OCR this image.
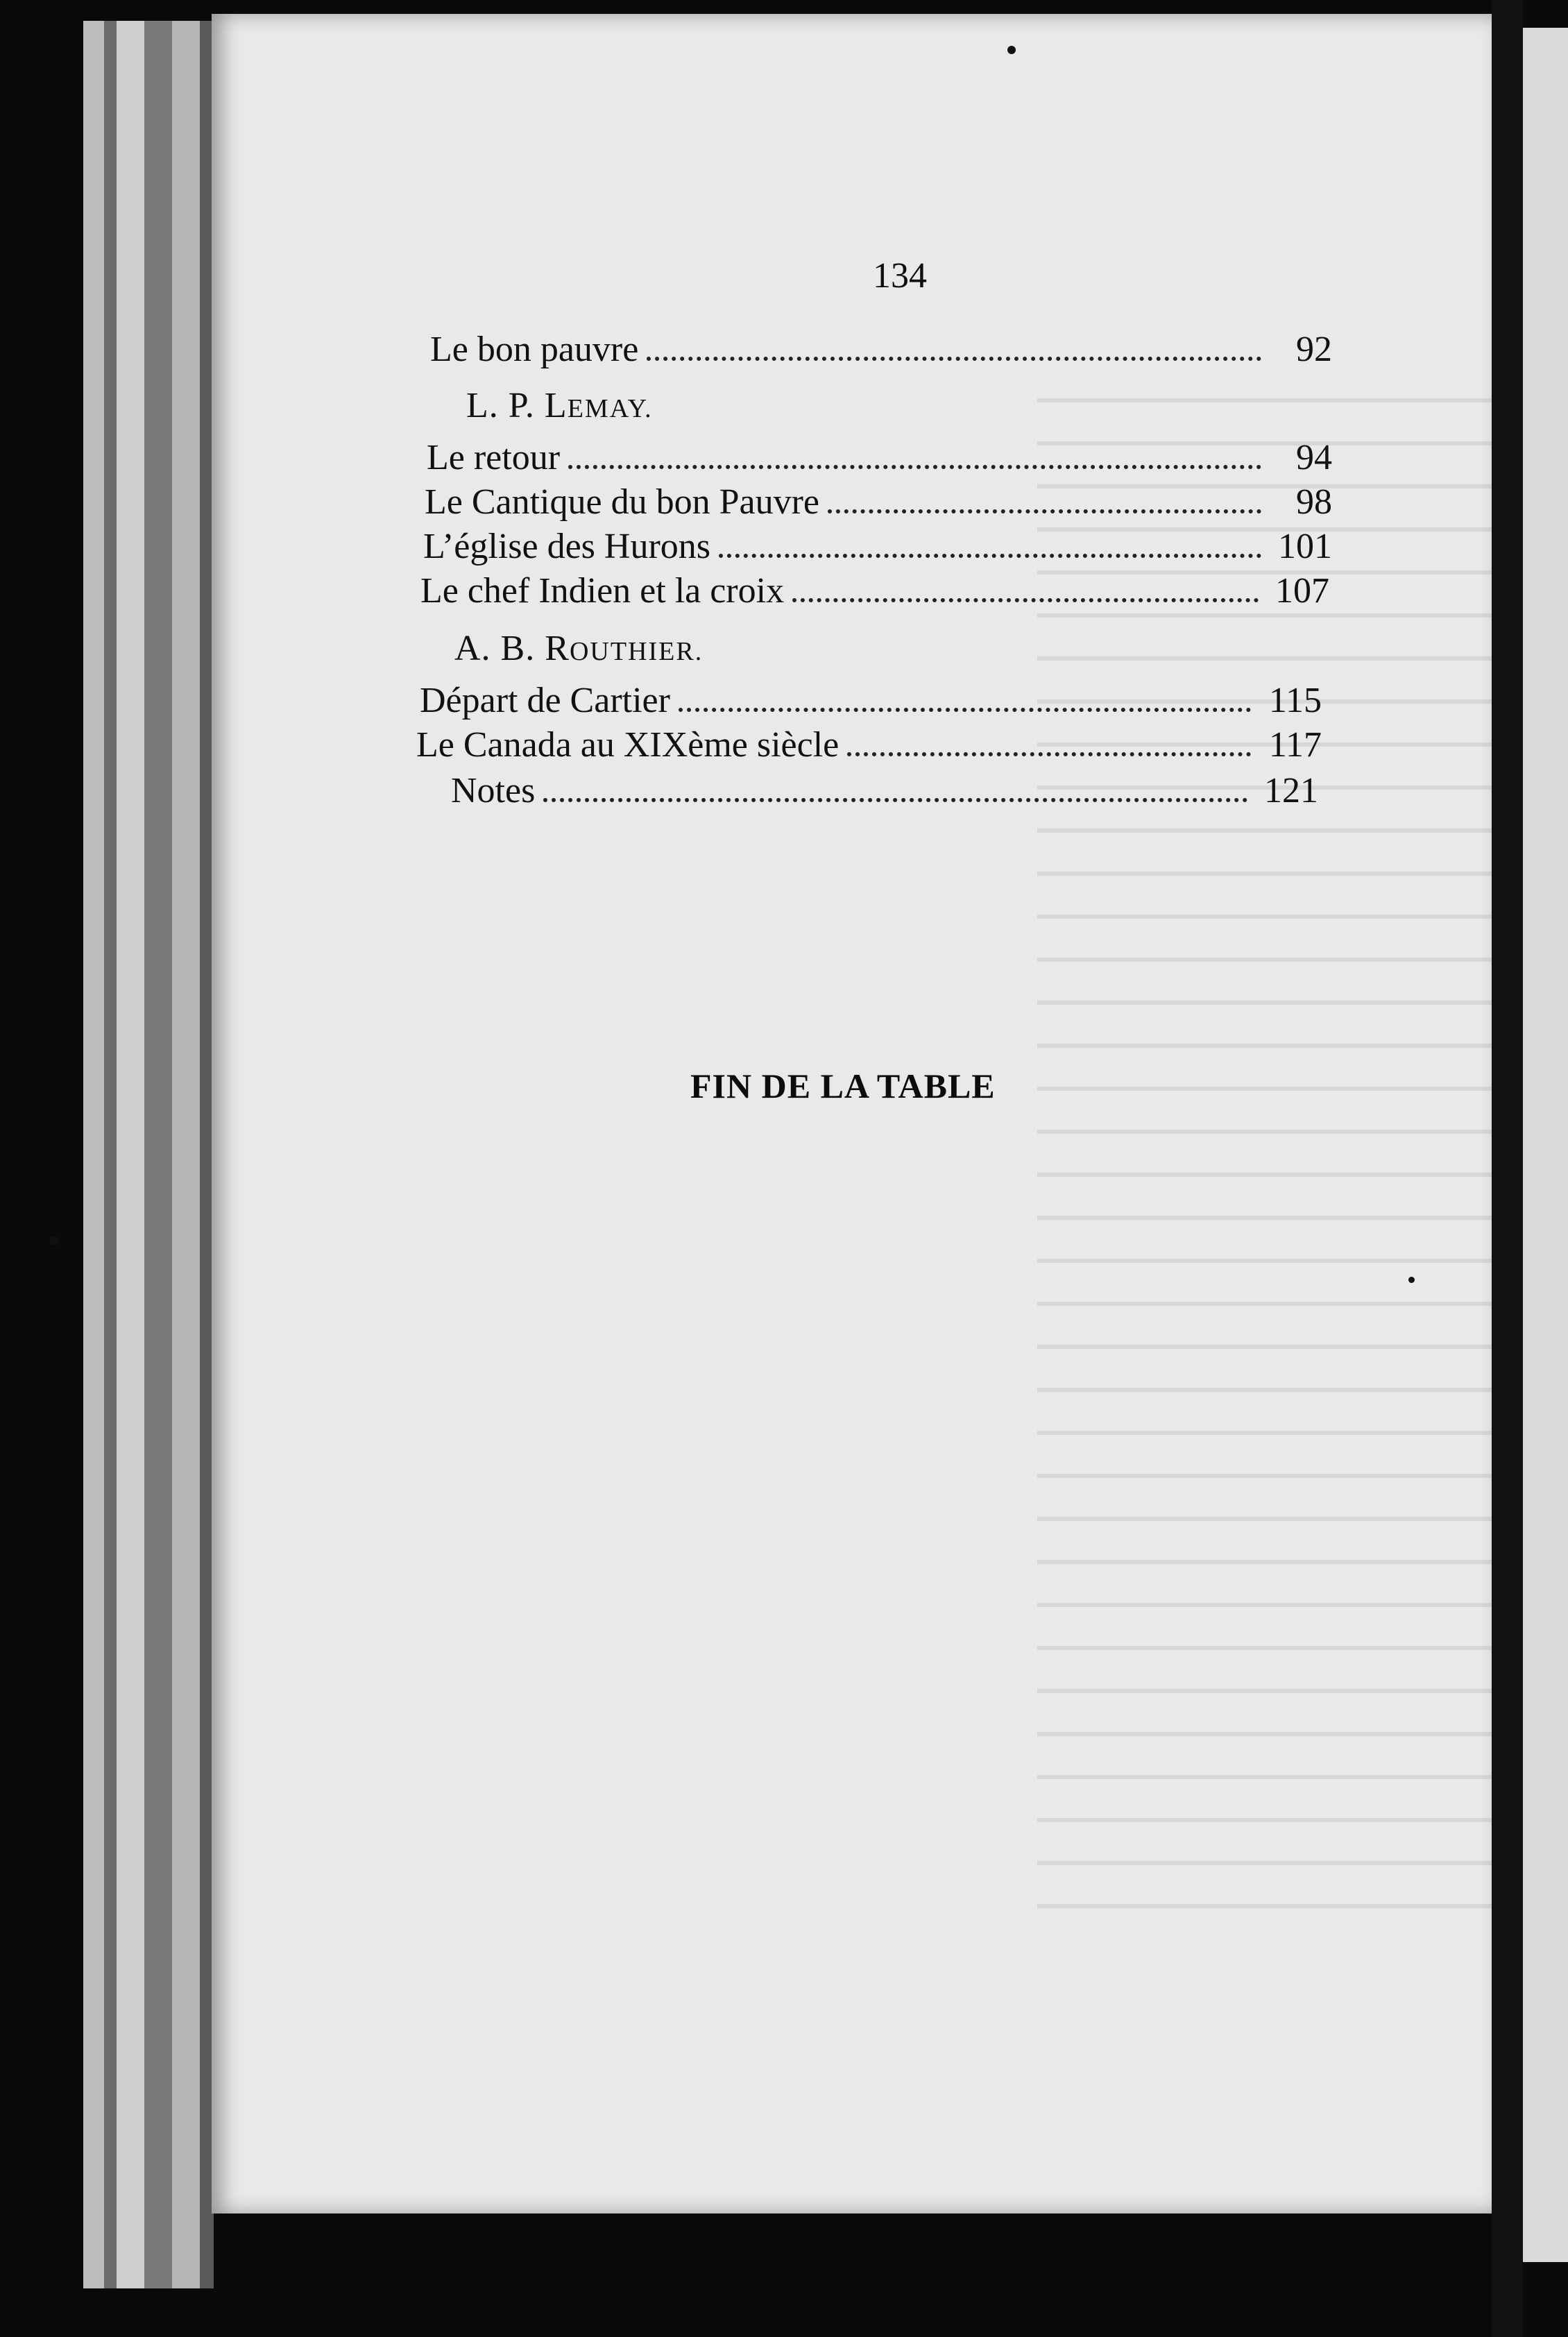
134
Le bon pauvre	92
L. P. LEMAY.
Le retour	94
Le Cantique du bon Pauvre	98
L’église des Hurons	101
Le chef Indien et la croix	107
A. B. ROUTHIER.
Départ de Cartier	115
Le Canada au XIXème siècle	117
Notes	121
FIN DE LA TABLE
